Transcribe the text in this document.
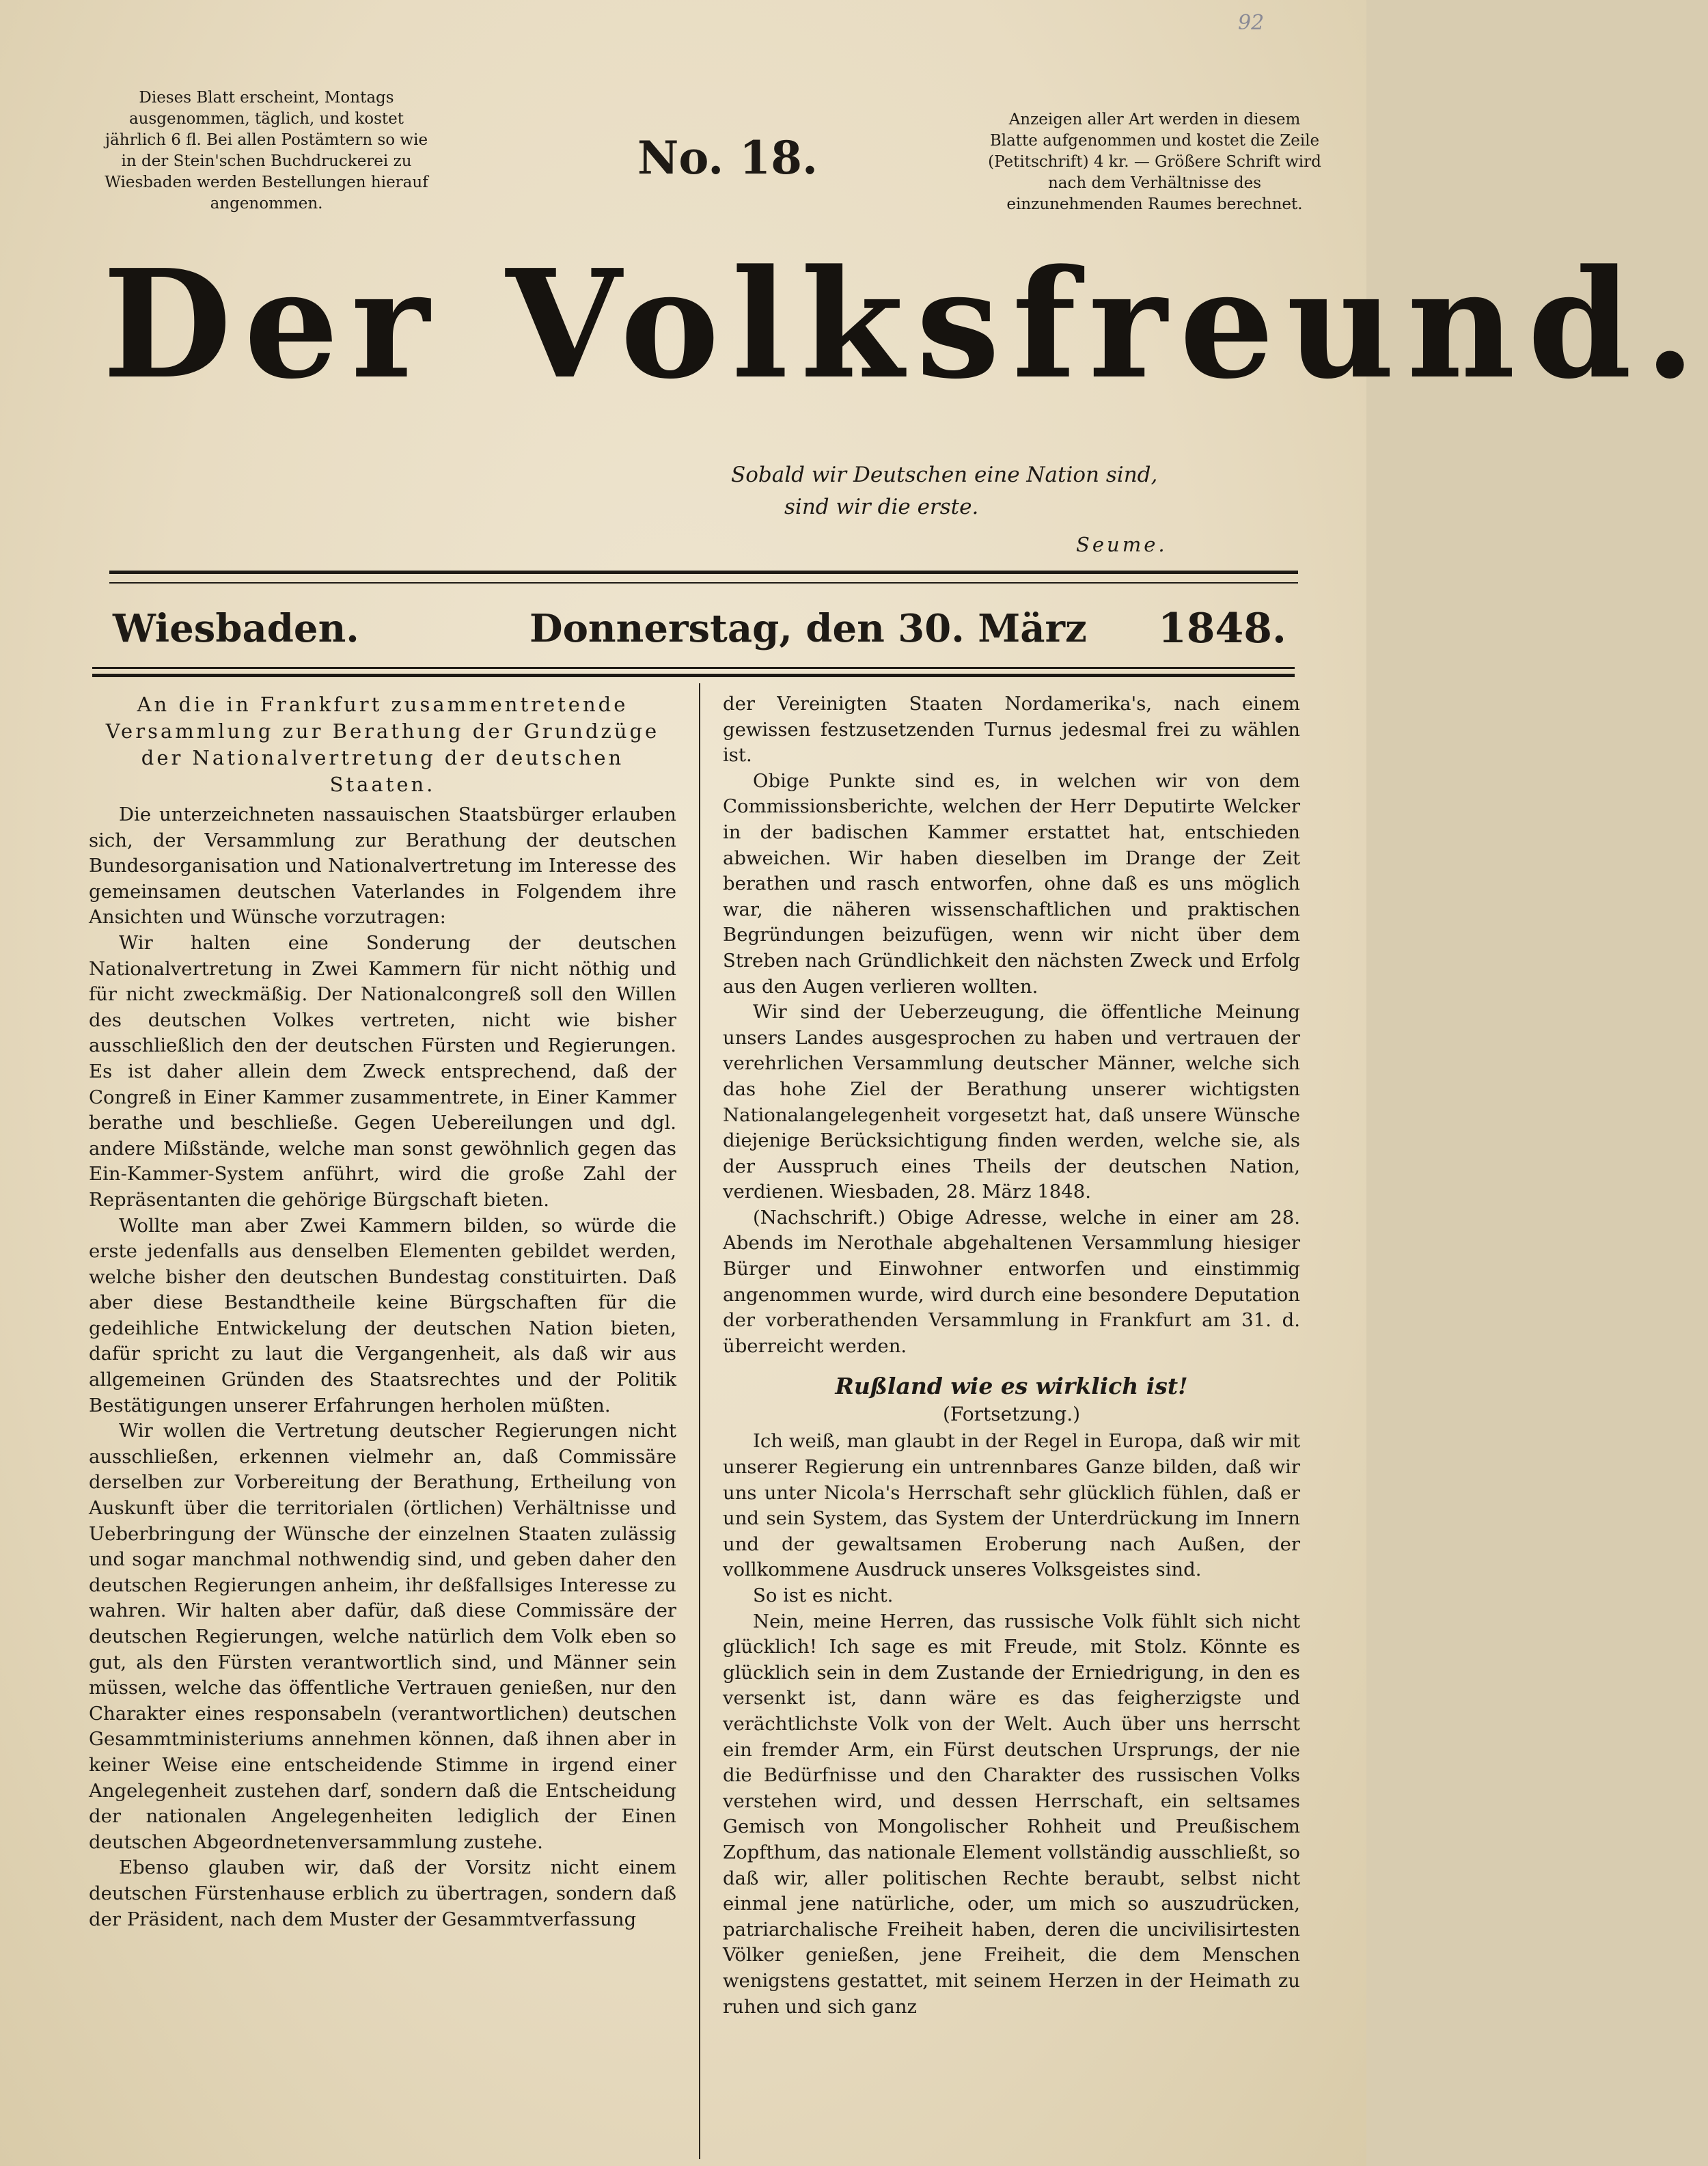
92
Dieses Blatt erscheint, Montags ausgenommen, täglich, und kostet jährlich 6 fl. Bei allen Postämtern so wie in der Stein'schen Buchdruckerei zu Wiesbaden werden Bestellungen hierauf angenommen.
No. 18.
Anzeigen aller Art werden in diesem Blatte aufgenommen und kostet die Zeile (Petitschrift) 4 kr. — Größere Schrift wird nach dem Verhältnisse des einzunehmenden Raumes berechnet.
Der Volksfreund.
Sobald wir Deutschen eine Nation sind,
sind wir die erste.
Seume.
Wiesbaden.	Donnerstag, den 30. März 1848.
An die in Frankfurt zusammentretende Versammlung zur Berathung der Grundzüge der Nationalvertretung der deutschen Staaten.

Die unterzeichneten nassauischen Staatsbürger erlauben sich, der Versammlung zur Berathung der deutschen Bundesorganisation und Nationalvertretung im Interesse des gemeinsamen deutschen Vaterlandes in Folgendem ihre Ansichten und Wünsche vorzutragen:

Wir halten eine Sonderung der deutschen Nationalvertretung in Zwei Kammern für nicht nöthig und für nicht zweckmäßig. Der Nationalcongreß soll den Willen des deutschen Volkes vertreten, nicht wie bisher ausschließlich den der deutschen Fürsten und Regierungen. Es ist daher allein dem Zweck entsprechend, daß der Congreß in Einer Kammer zusammentrete, in Einer Kammer berathe und beschließe. Gegen Uebereilungen und dgl. andere Mißstände, welche man sonst gewöhnlich gegen das Ein-Kammer-System anführt, wird die große Zahl der Repräsentanten die gehörige Bürgschaft bieten.

Wollte man aber Zwei Kammern bilden, so würde die erste jedenfalls aus denselben Elementen gebildet werden, welche bisher den deutschen Bundestag constituirten. Daß aber diese Bestandtheile keine Bürgschaften für die gedeihliche Entwickelung der deutschen Nation bieten, dafür spricht zu laut die Vergangenheit, als daß wir aus allgemeinen Gründen des Staatsrechtes und der Politik Bestätigungen unserer Erfahrungen herholen müßten.

Wir wollen die Vertretung deutscher Regierungen nicht ausschließen, erkennen vielmehr an, daß Commissäre derselben zur Vorbereitung der Berathung, Ertheilung von Auskunft über die territorialen (örtlichen) Verhältnisse und Ueberbringung der Wünsche der einzelnen Staaten zulässig und sogar manchmal nothwendig sind, und geben daher den deutschen Regierungen anheim, ihr deßfallsiges Interesse zu wahren. Wir halten aber dafür, daß diese Commissäre der deutschen Regierungen, welche natürlich dem Volk eben so gut, als den Fürsten verantwortlich sind, und Männer sein müssen, welche das öffentliche Vertrauen genießen, nur den Charakter eines responsabeln (verantwortlichen) deutschen Gesammtministeriums annehmen können, daß ihnen aber in keiner Weise eine entscheidende Stimme in irgend einer Angelegenheit zustehen darf, sondern daß die Entscheidung der nationalen Angelegenheiten lediglich der Einen deutschen Abgeordnetenversammlung zustehe.

Ebenso glauben wir, daß der Vorsitz nicht einem deutschen Fürstenhause erblich zu übertragen, sondern daß der Präsident, nach dem Muster der Gesammtverfassung

der Vereinigten Staaten Nordamerika's, nach einem gewissen festzusetzenden Turnus jedesmal frei zu wählen ist.

Obige Punkte sind es, in welchen wir von dem Commissionsberichte, welchen der Herr Deputirte Welcker in der badischen Kammer erstattet hat, entschieden abweichen. Wir haben dieselben im Drange der Zeit berathen und rasch entworfen, ohne daß es uns möglich war, die näheren wissenschaftlichen und praktischen Begründungen beizufügen, wenn wir nicht über dem Streben nach Gründlichkeit den nächsten Zweck und Erfolg aus den Augen verlieren wollten.

Wir sind der Ueberzeugung, die öffentliche Meinung unsers Landes ausgesprochen zu haben und vertrauen der verehrlichen Versammlung deutscher Männer, welche sich das hohe Ziel der Berathung unserer wichtigsten Nationalangelegenheit vorgesetzt hat, daß unsere Wünsche diejenige Berücksichtigung finden werden, welche sie, als der Ausspruch eines Theils der deutschen Nation, verdienen. Wiesbaden, 28. März 1848.

(Nachschrift.) Obige Adresse, welche in einer am 28. Abends im Nerothale abgehaltenen Versammlung hiesiger Bürger und Einwohner entworfen und einstimmig angenommen wurde, wird durch eine besondere Deputation der vorberathenden Versammlung in Frankfurt am 31. d. überreicht werden.

Rußland wie es wirklich ist!
(Fortsetzung.)

Ich weiß, man glaubt in der Regel in Europa, daß wir mit unserer Regierung ein untrennbares Ganze bilden, daß wir uns unter Nicola's Herrschaft sehr glücklich fühlen, daß er und sein System, das System der Unterdrückung im Innern und der gewaltsamen Eroberung nach Außen, der vollkommene Ausdruck unseres Volksgeistes sind.

So ist es nicht.

Nein, meine Herren, das russische Volk fühlt sich nicht glücklich! Ich sage es mit Freude, mit Stolz. Könnte es glücklich sein in dem Zustande der Erniedrigung, in den es versenkt ist, dann wäre es das feigherzigste und verächtlichste Volk von der Welt. Auch über uns herrscht ein fremder Arm, ein Fürst deutschen Ursprungs, der nie die Bedürfnisse und den Charakter des russischen Volks verstehen wird, und dessen Herrschaft, ein seltsames Gemisch von Mongolischer Rohheit und Preußischem Zopfthum, das nationale Element vollständig ausschließt, so daß wir, aller politischen Rechte beraubt, selbst nicht einmal jene natürliche, oder, um mich so auszudrücken, patriarchalische Freiheit haben, deren die uncivilisirtesten Völker genießen, jene Freiheit, die dem Menschen wenigstens gestattet, mit seinem Herzen in der Heimath zu ruhen und sich ganz
